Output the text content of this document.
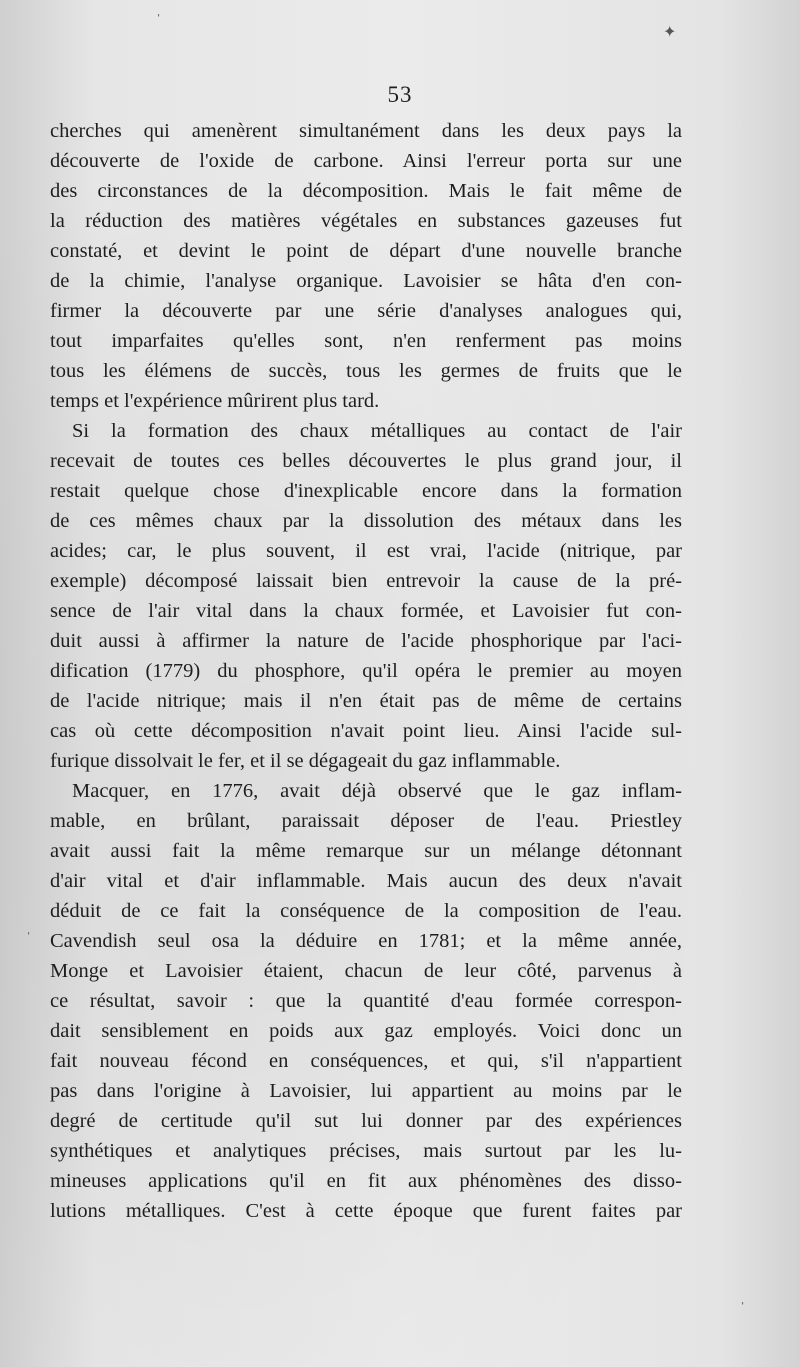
✦
ˈ
ˈ
ˈ
53
cherches qui amenèrent simultanément dans les deux pays la
découverte de l'oxide de carbone. Ainsi l'erreur porta sur une
des circonstances de la décomposition. Mais le fait même de
la réduction des matières végétales en substances gazeuses fut
constaté, et devint le point de départ d'une nouvelle branche
de la chimie, l'analyse organique. Lavoisier se hâta d'en con-
firmer la découverte par une série d'analyses analogues qui,
tout imparfaites qu'elles sont, n'en renferment pas moins
tous les élémens de succès, tous les germes de fruits que le
temps et l'expérience mûrirent plus tard.
Si la formation des chaux métalliques au contact de l'air
recevait de toutes ces belles découvertes le plus grand jour, il
restait quelque chose d'inexplicable encore dans la formation
de ces mêmes chaux par la dissolution des métaux dans les
acides; car, le plus souvent, il est vrai, l'acide (nitrique, par
exemple) décomposé laissait bien entrevoir la cause de la pré-
sence de l'air vital dans la chaux formée, et Lavoisier fut con-
duit aussi à affirmer la nature de l'acide phosphorique par l'aci-
dification (1779) du phosphore, qu'il opéra le premier au moyen
de l'acide nitrique; mais il n'en était pas de même de certains
cas où cette décomposition n'avait point lieu. Ainsi l'acide sul-
furique dissolvait le fer, et il se dégageait du gaz inflammable.
Macquer, en 1776, avait déjà observé que le gaz inflam-
mable, en brûlant, paraissait déposer de l'eau. Priestley
avait aussi fait la même remarque sur un mélange détonnant
d'air vital et d'air inflammable. Mais aucun des deux n'avait
déduit de ce fait la conséquence de la composition de l'eau.
Cavendish seul osa la déduire en 1781; et la même année,
Monge et Lavoisier étaient, chacun de leur côté, parvenus à
ce résultat, savoir : que la quantité d'eau formée correspon-
dait sensiblement en poids aux gaz employés. Voici donc un
fait nouveau fécond en conséquences, et qui, s'il n'appartient
pas dans l'origine à Lavoisier, lui appartient au moins par le
degré de certitude qu'il sut lui donner par des expériences
synthétiques et analytiques précises, mais surtout par les lu-
mineuses applications qu'il en fit aux phénomènes des disso-
lutions métalliques. C'est à cette époque que furent faites par
